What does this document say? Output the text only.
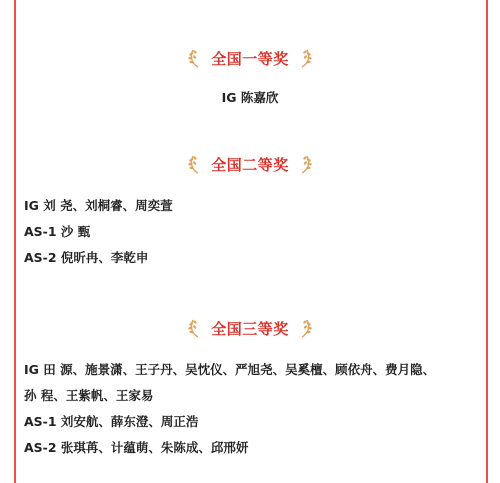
全国一等奖
IG 陈嘉欣
全国二等奖
IG 刘 尧、刘桐睿、周奕萱
AS-1 沙 甄
AS-2 倪昕冉、李乾申
全国三等奖
IG 田 源、施景潇、王子丹、吴忱仪、严旭尧、吴奚檀、顾依舟、费月隐、
孙 程、王紫帆、王家易
AS-1 刘安航、薛东澄、周正浩
AS-2 张琪苒、计蕴萌、朱陈成、邱邢妍
